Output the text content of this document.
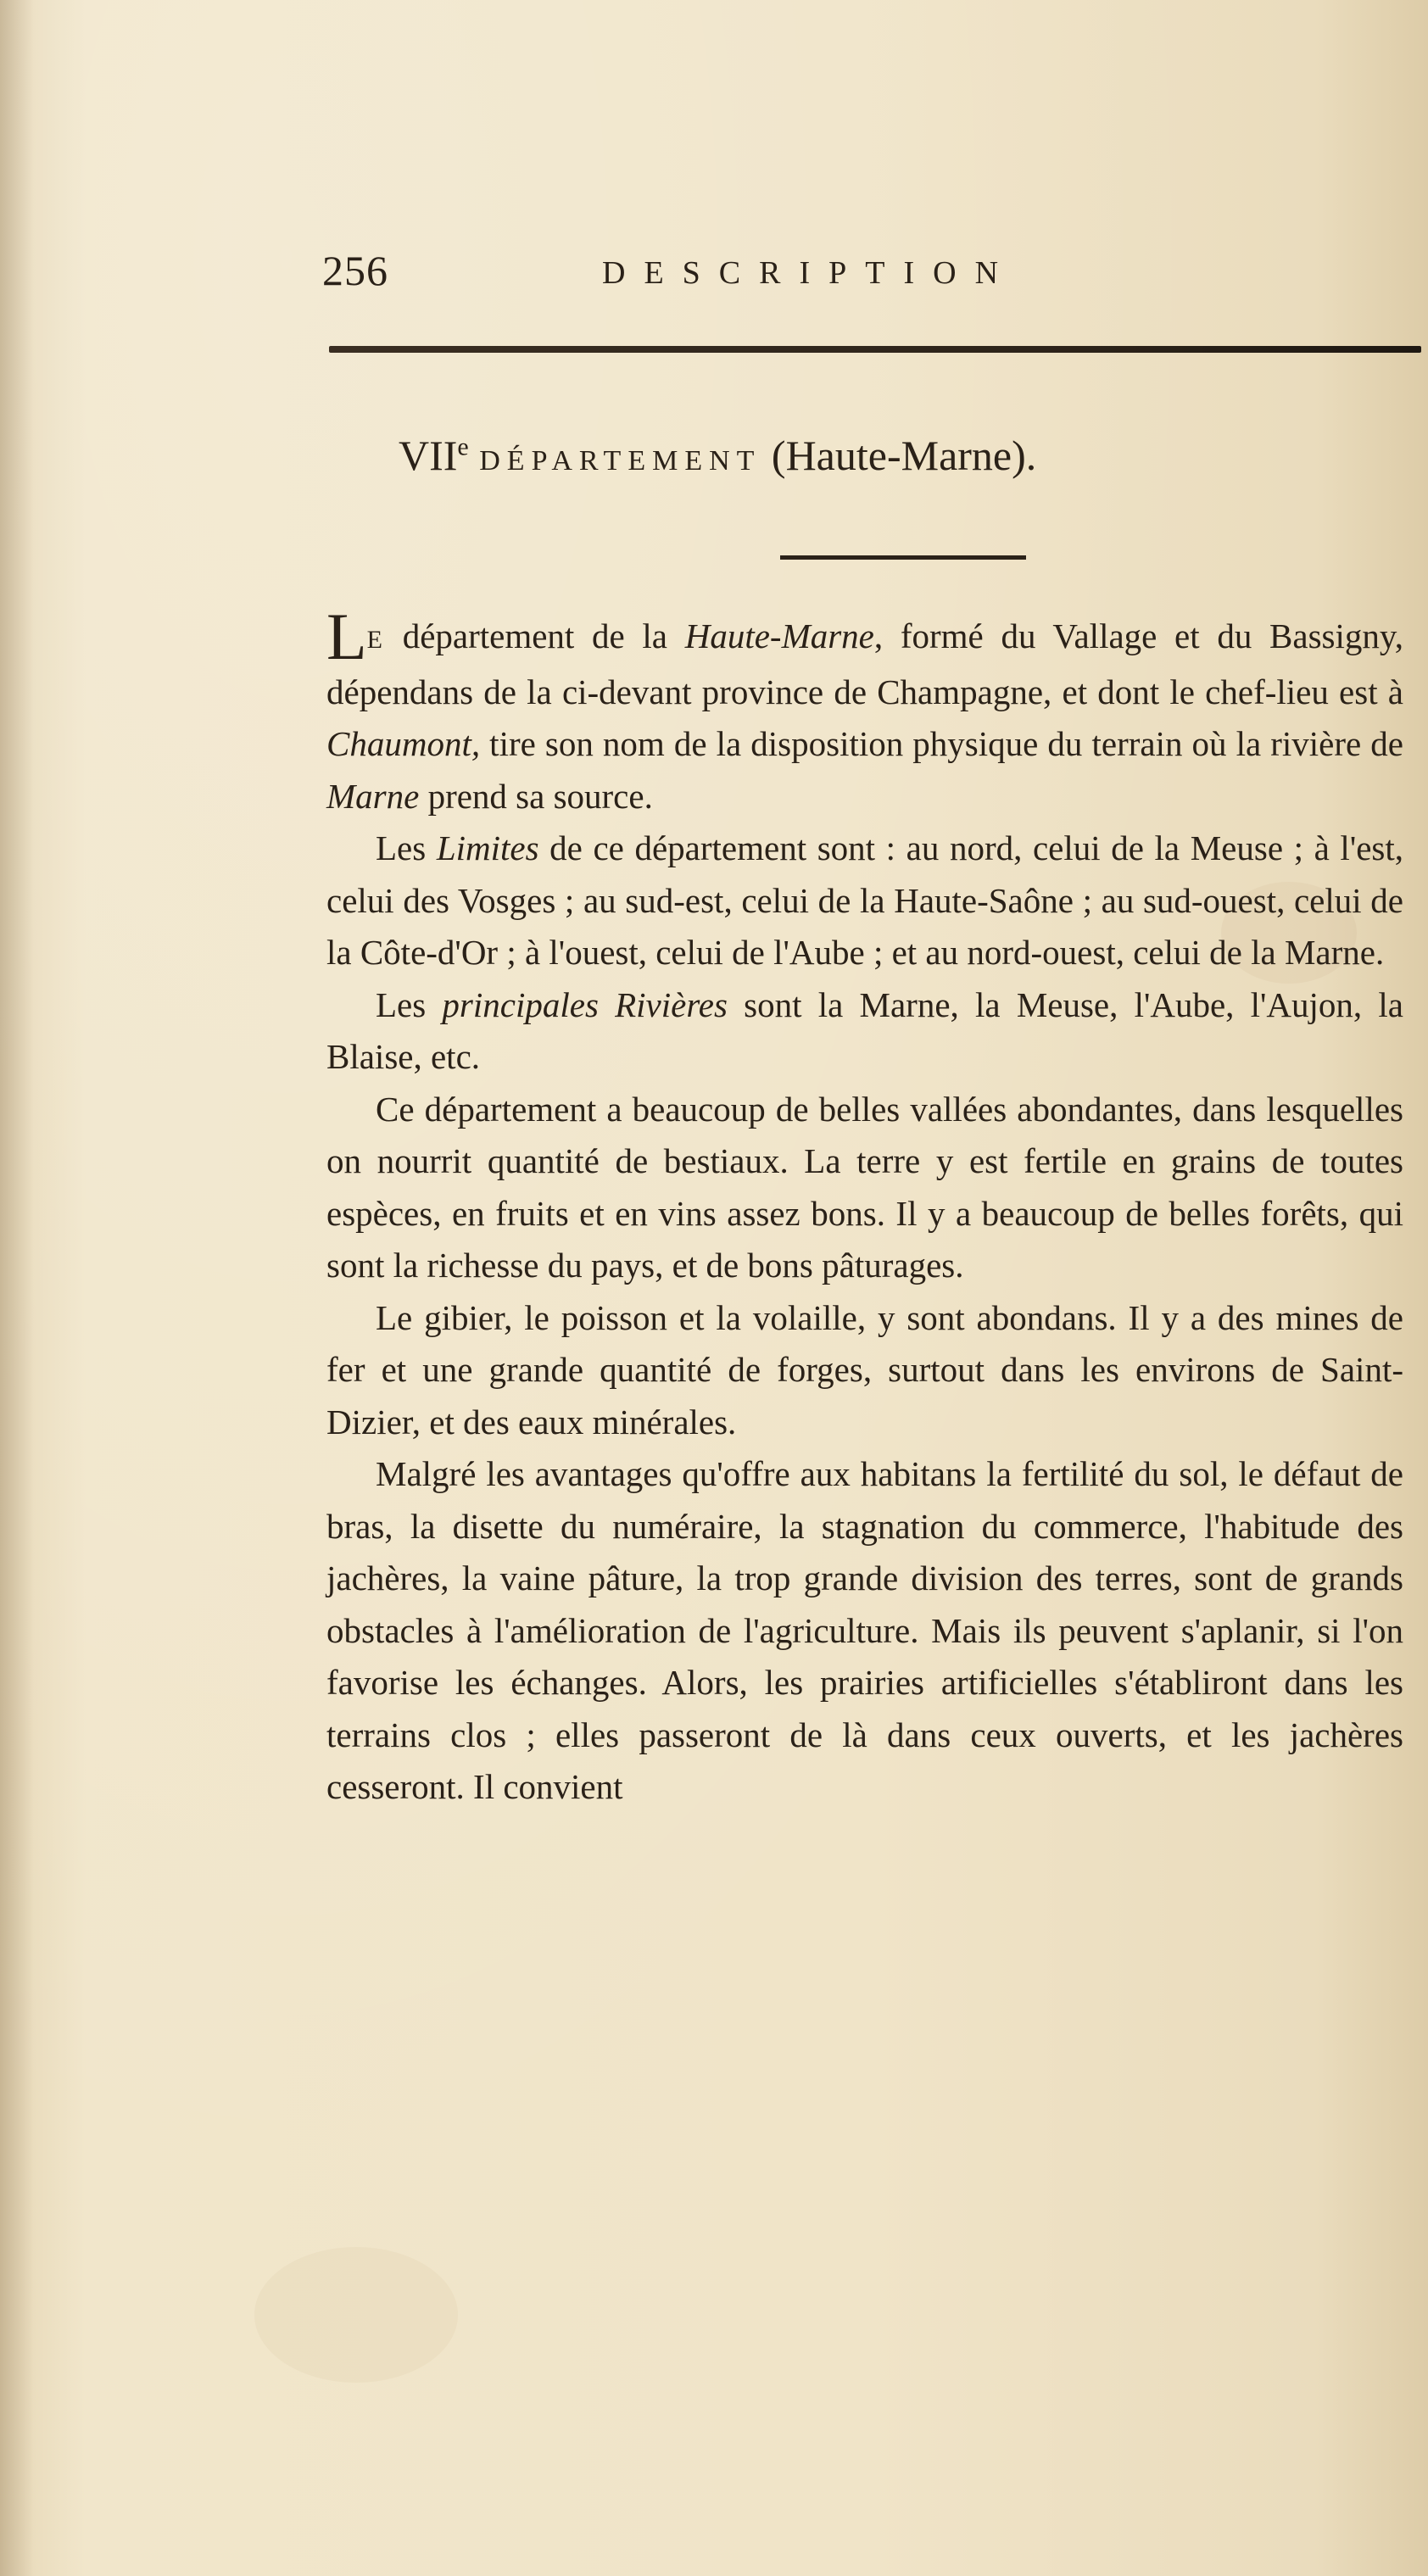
256	DESCRIPTION
VIIe DÉPARTEMENT (Haute-Marne).

LE département de la Haute-Marne, formé du Vallage et du Bassigny, dépendans de la ci-devant province de Champagne, et dont le chef-lieu est à Chaumont, tire son nom de la disposition physique du terrain où la rivière de Marne prend sa source.

Les Limites de ce département sont : au nord, celui de la Meuse ; à l'est, celui des Vosges ; au sud-est, celui de la Haute-Saône ; au sud-ouest, celui de la Côte-d'Or ; à l'ouest, celui de l'Aube ; et au nord-ouest, celui de la Marne.

Les principales Rivières sont la Marne, la Meuse, l'Aube, l'Aujon, la Blaise, etc.

Ce département a beaucoup de belles vallées abondantes, dans lesquelles on nourrit quantité de bestiaux. La terre y est fertile en grains de toutes espèces, en fruits et en vins assez bons. Il y a beaucoup de belles forêts, qui sont la richesse du pays, et de bons pâturages.

Le gibier, le poisson et la volaille, y sont abondans. Il y a des mines de fer et une grande quantité de forges, surtout dans les environs de Saint-Dizier, et des eaux minérales.

Malgré les avantages qu'offre aux habitans la fertilité du sol, le défaut de bras, la disette du numéraire, la stagnation du commerce, l'habitude des jachères, la vaine pâture, la trop grande division des terres, sont de grands obstacles à l'amélioration de l'agriculture. Mais ils peuvent s'aplanir, si l'on favorise les échanges. Alors, les prairies artificielles s'établiront dans les terrains clos ; elles passeront de là dans ceux ouverts, et les jachères cesseront. Il convient
